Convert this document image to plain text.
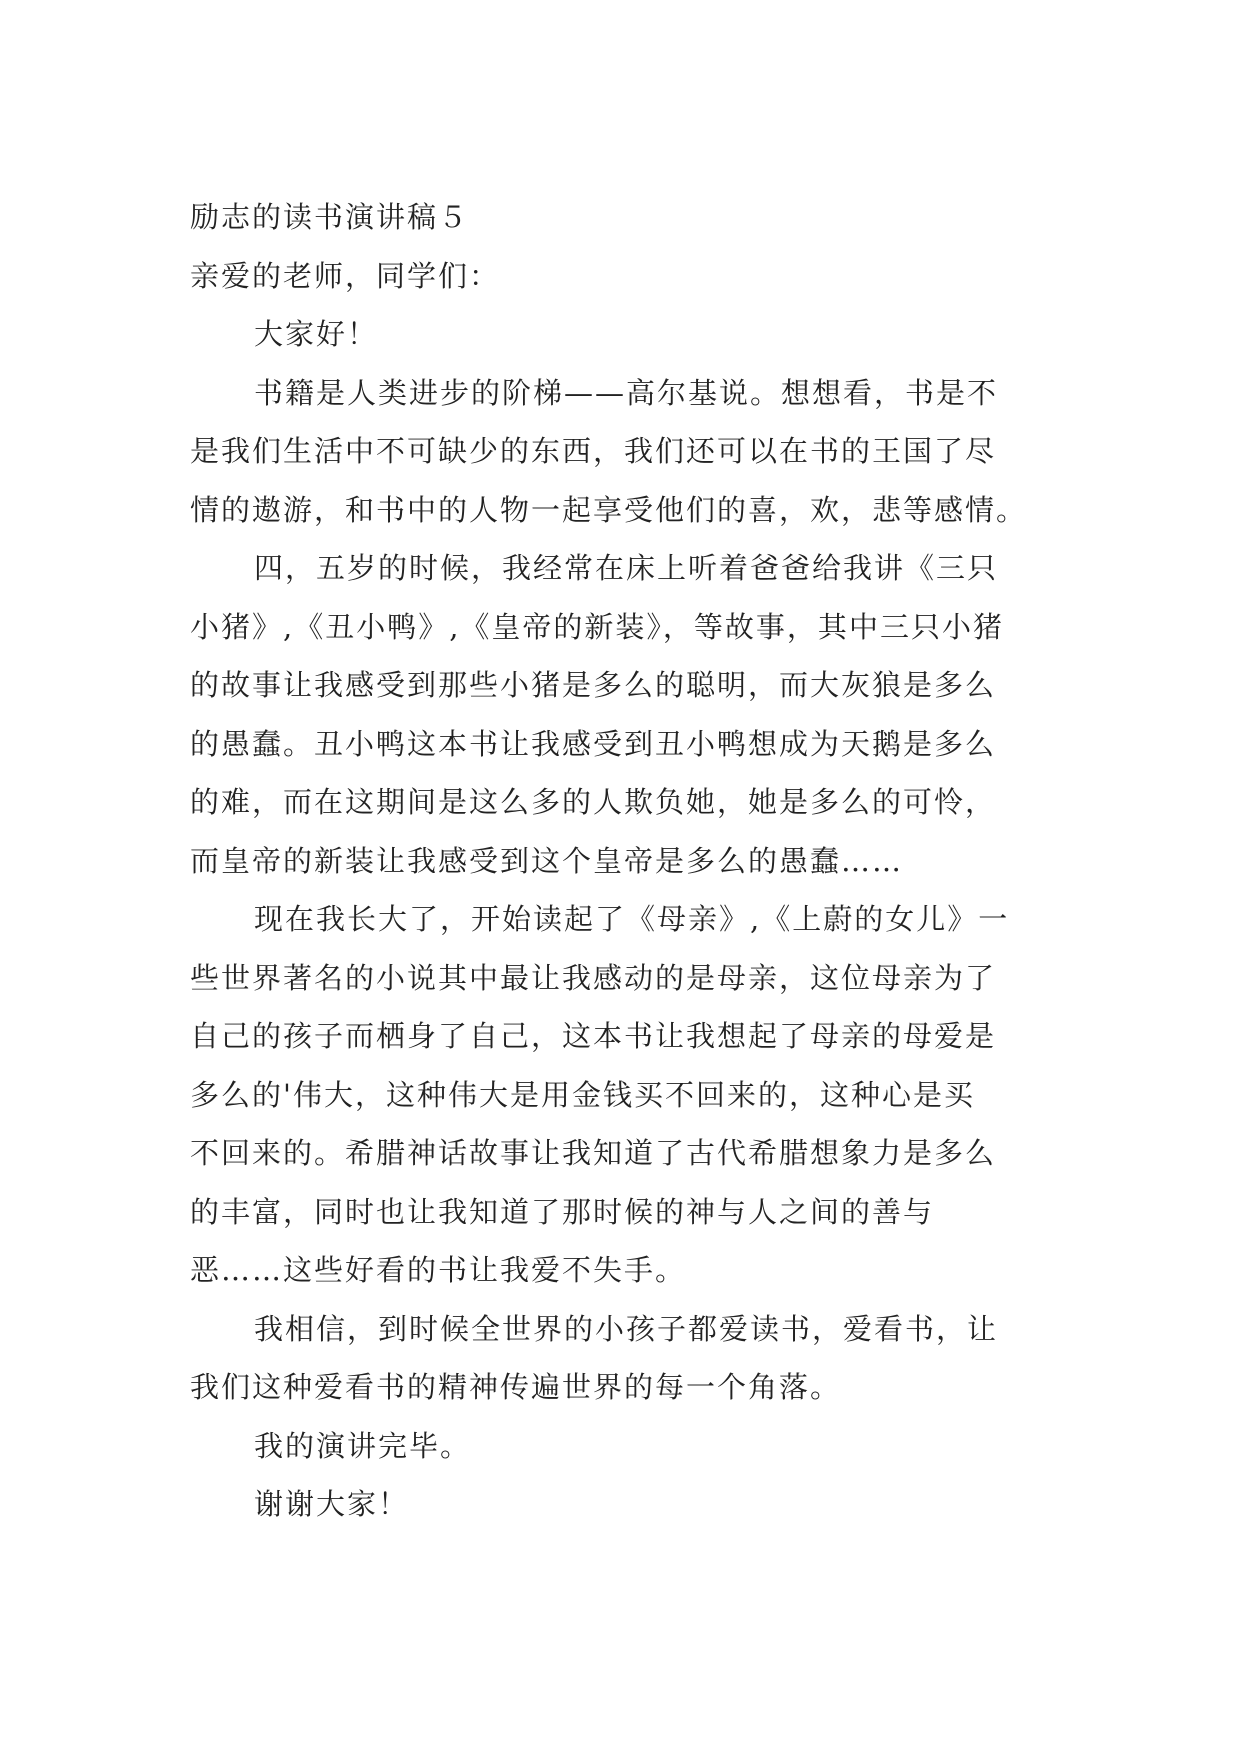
励志的读书演讲稿５

亲爱的老师，同学们：

大家好！

书籍是人类进步的阶梯——高尔基说。想想看，书是不
是我们生活中不可缺少的东西，我们还可以在书的王国了尽
情的遨游，和书中的人物一起享受他们的喜，欢，悲等感情。

四，五岁的时候，我经常在床上听着爸爸给我讲《三只
小猪》,《丑小鸭》,《皇帝的新装》，等故事，其中三只小猪
的故事让我感受到那些小猪是多么的聪明，而大灰狼是多么
的愚蠢。丑小鸭这本书让我感受到丑小鸭想成为天鹅是多么
的难，而在这期间是这么多的人欺负她，她是多么的可怜，
而皇帝的新装让我感受到这个皇帝是多么的愚蠢……

现在我长大了，开始读起了《母亲》,《上蔚的女儿》一
些世界著名的小说其中最让我感动的是母亲，这位母亲为了
自己的孩子而栖身了自己，这本书让我想起了母亲的母爱是
多么的'伟大，这种伟大是用金钱买不回来的，这种心是买
不回来的。希腊神话故事让我知道了古代希腊想象力是多么
的丰富，同时也让我知道了那时候的神与人之间的善与
恶……这些好看的书让我爱不失手。

我相信，到时候全世界的小孩子都爱读书，爱看书，让
我们这种爱看书的精神传遍世界的每一个角落。

我的演讲完毕。

谢谢大家！
